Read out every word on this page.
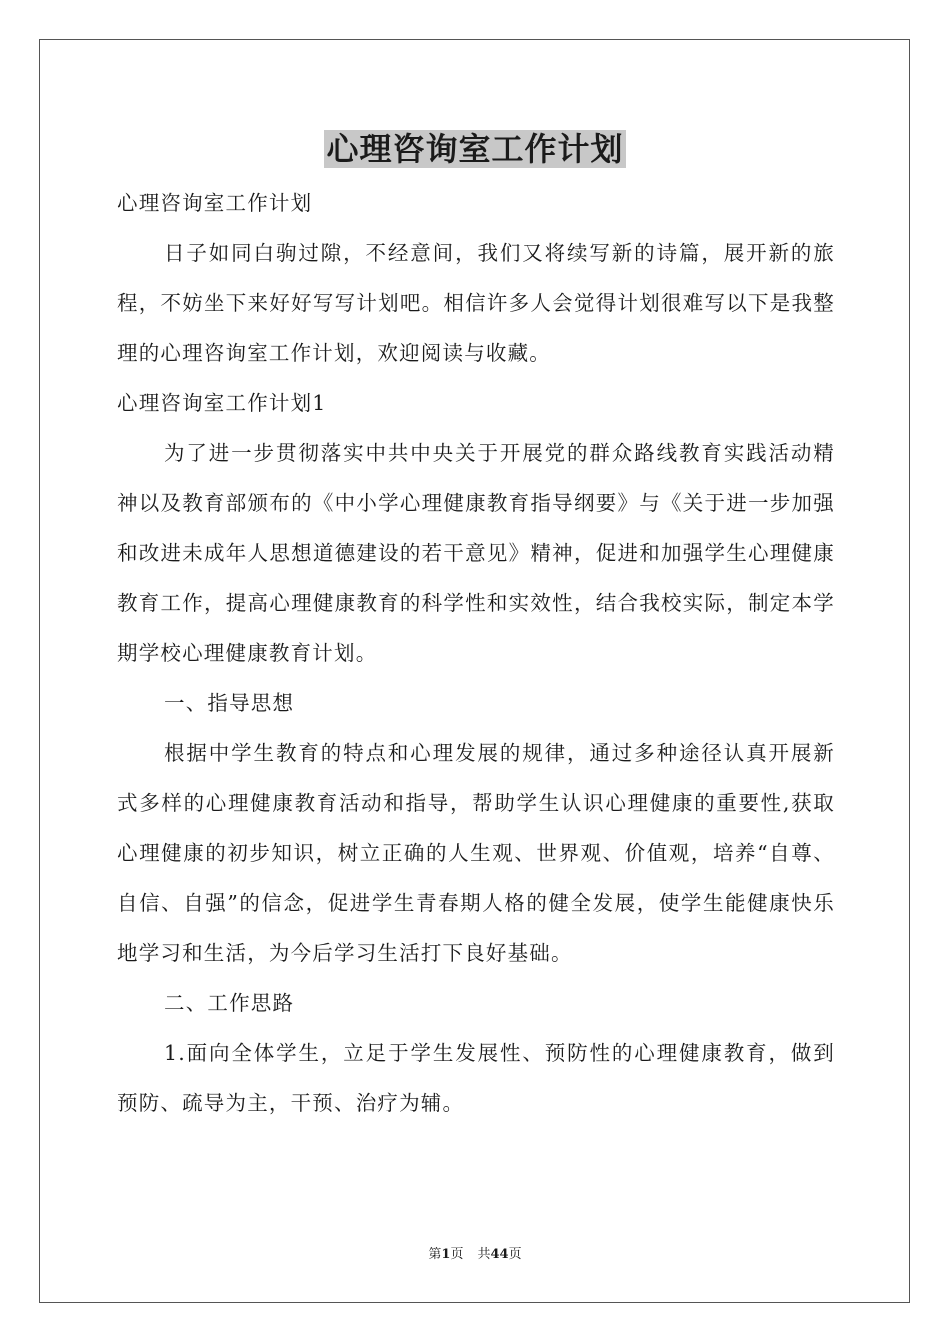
心理咨询室工作计划

心理咨询室工作计划

日子如同白驹过隙，不经意间，我们又将续写新的诗篇，展开新的旅程，不妨坐下来好好写写计划吧。相信许多人会觉得计划很难写以下是我整理的心理咨询室工作计划，欢迎阅读与收藏。

心理咨询室工作计划1

为了进一步贯彻落实中共中央关于开展党的群众路线教育实践活动精神以及教育部颁布的《中小学心理健康教育指导纲要》与《关于进一步加强和改进未成年人思想道德建设的若干意见》精神，促进和加强学生心理健康教育工作，提高心理健康教育的科学性和实效性，结合我校实际，制定本学期学校心理健康教育计划。

一、指导思想

根据中学生教育的特点和心理发展的规律，通过多种途径认真开展新式多样的心理健康教育活动和指导，帮助学生认识心理健康的重要性,获取心理健康的初步知识，树立正确的人生观、世界观、价值观，培养“自尊、自信、自强”的信念，促进学生青春期人格的健全发展，使学生能健康快乐地学习和生活，为今后学习生活打下良好基础。

二、工作思路

1.面向全体学生，立足于学生发展性、预防性的心理健康教育，做到预防、疏导为主，干预、治疗为辅。

第1页 共44页
